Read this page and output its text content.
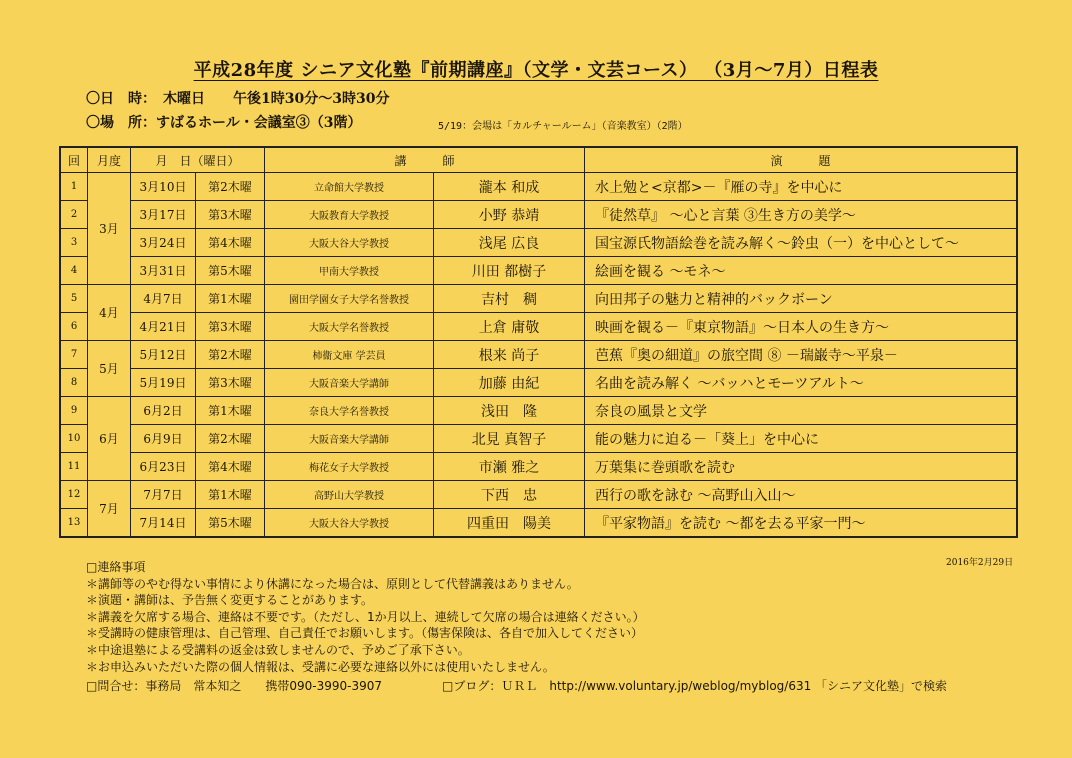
平成28年度 シニア文化塾『前期講座』（文学・文芸コース） （3月～7月）日程表
〇日　時：　木曜日　　午後1時30分～3時30分
〇場　所：すばるホール・会議室③（3階）	5/19：会場は「カルチャールーム」（音楽教室）（2階）
回	月度	月　日（曜日）		講　　　師		演　　　題
1	3月	3月10日	第2木曜	立命館大学教授	瀧本 和成	水上勉と<京都>－『雁の寺』を中心に
2		3月17日	第3木曜	大阪教育大学教授	小野 恭靖	『徒然草』 ～心と言葉 ③生き方の美学～
3		3月24日	第4木曜	大阪大谷大学教授	浅尾 広良	国宝源氏物語絵巻を読み解く～鈴虫（一）を中心として～
4		3月31日	第5木曜	甲南大学教授	川田 都樹子	絵画を観る ～モネ～
5	4月	4月7日	第1木曜	園田学園女子大学名誉教授	吉村　稠	向田邦子の魅力と精神的バックボーン
6		4月21日	第3木曜	大阪大学名誉教授	上倉 庸敬	映画を観る－『東京物語』～日本人の生き方～
7	5月	5月12日	第2木曜	柿衞文庫 学芸員	根来 尚子	芭蕉『奥の細道』の旅空間 ⑧ －瑞巌寺～平泉－
8		5月19日	第3木曜	大阪音楽大学講師	加藤 由紀	名曲を読み解く ～バッハとモーツアルト～
9	6月	6月2日	第1木曜	奈良大学名誉教授	浅田　隆	奈良の風景と文学
10		6月9日	第2木曜	大阪音楽大学講師	北見 真智子	能の魅力に迫る－「葵上」を中心に
11		6月23日	第4木曜	梅花女子大学教授	市瀬 雅之	万葉集に巻頭歌を読む
12	7月	7月7日	第1木曜	高野山大学教授	下西　忠	西行の歌を詠む ～高野山入山～
13		7月14日	第5木曜	大阪大谷大学教授	四重田　陽美	『平家物語』を読む ～都を去る平家一門～
2016年2月29日
□連絡事項
＊講師等のやむ得ない事情により休講になった場合は、原則として代替講義はありません。
＊演題・講師は、予告無く変更することがあります。
＊講義を欠席する場合、連絡は不要です。（ただし、1か月以上、連続して欠席の場合は連絡ください。）
＊受講時の健康管理は、自己管理、自己責任でお願いします。（傷害保険は、各自で加入してください）
＊中途退塾による受講料の返金は致しませんので、予めご了承下さい。
＊お申込みいただいた際の個人情報は、受講に必要な連絡以外には使用いたしません。
□問合せ：事務局　常本知之　　携帯090-3990-3907	□ブログ：ＵＲＬ　http://www.voluntary.jp/weblog/myblog/631 「シニア文化塾」で検索
